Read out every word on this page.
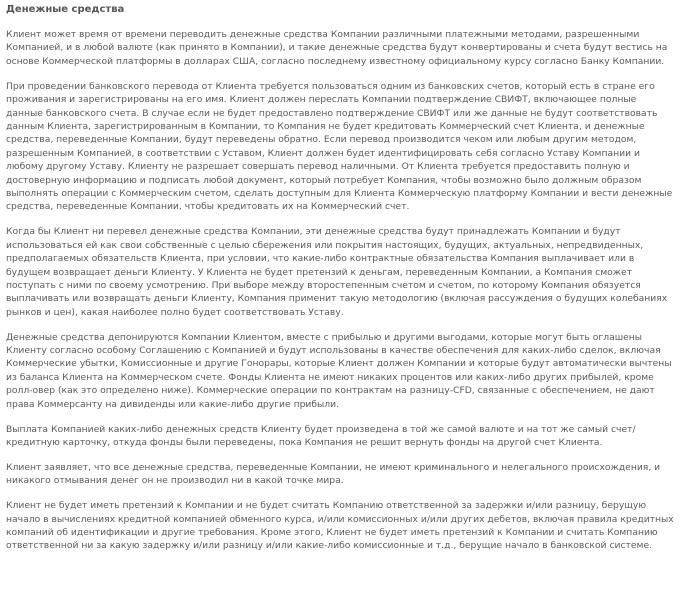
Денежные средства

Клиент может время от времени переводить денежные средства Компании различными платежными методами, разрешенными Компанией, и в любой валюте (как принято в Компании), и такие денежные средства будут конвертированы и счета будут вестись на основе Коммерческой платформы в долларах США, согласно последнему известному официальному курсу согласно Банку Компании.

При проведении банковского перевода от Клиента требуется пользоваться одним из банковских счетов, который есть в стране его проживания и зарегистрированы на его имя. Клиент должен переслать Компании подтверждение СВИФТ, включающее полные данные банковского счета. В случае если не будет предоставлено подтверждение СВИФТ или же данные не будут соответствовать данным Клиента, зарегистрированным в Компании, то Компания не будет кредитовать Коммерческий счет Клиента, и денежные средства, переведенные Компании, будут переведены обратно. Если перевод производится чеком или любым другим методом, разрешенным Компанией, в соответствии с Уставом, Клиент должен будет идентифицировать себя согласно Уставу Компании и любому другому Уставу. Клиенту не разрешает совершать перевод наличными. От Клиента требуется предоставить полную и достоверную информацию и подписать любой документ, который потребует Компания, чтобы возможно было должным образом выполнять операции с Коммерческим счетом, сделать доступным для Клиента Коммерческую платформу Компании и вести денежные средства, переведенные Компании, чтобы кредитовать их на Коммерческий счет.

Когда бы Клиент ни перевел денежные средства Компании, эти денежные средства будут принадлежать Компании и будут использоваться ей как свои собственные с целью сбережения или покрытия настоящих, будущих, актуальных, непредвиденных, предполагаемых обязательств Клиента, при условии, что какие-либо контрактные обязательства Компания выплачивает или в будущем возвращает деньги Клиенту. У Клиента не будет претензий к деньгам, переведенным Компании, а Компания сможет поступать с ними по своему усмотрению. При выборе между второстепенным счетом и счетом, по которому Компания обязуется выплачивать или возвращать деньги Клиенту, Компания применит такую методологию (включая рассуждения о будущих колебаниях рынков и цен), какая наиболее полно будет соответствовать Уставу.

Денежные средства депонируются Компании Клиентом, вместе с прибылью и другими выгодами, которые могут быть оглашены Клиенту согласно особому Соглашению с Компанией и будут использованы в качестве обеспечения для каких-либо сделок, включая Коммерческие убытки, Комиссионные и другие Гонорары, которые Клиент должен Компании и которые будут автоматически вычтены из баланса Клиента на Коммерческом счете. Фонды Клиента не имеют никаких процентов или каких-либо других прибылей, кроме ролл-овер (как это определено ниже). Коммерческие операции по контрактам на разницу-CFD, связанные с обеспечением, не дают права Коммерсанту на дивиденды или какие-либо другие прибыли.

Выплата Компанией каких-либо денежных средств Клиенту будет произведена в той же самой валюте и на тот же самый счет/кредитную карточку, откуда фонды были переведены, пока Компания не решит вернуть фонды на другой счет Клиента.

Клиент заявляет, что все денежные средства, переведенные Компании, не имеют криминального и нелегального происхождения, и никакого отмывания денег он не производил ни в какой точке мира.

Клиент не будет иметь претензий к Компании и не будет считать Компанию ответственной за задержки и/или разницу, берущую начало в вычислениях кредитной компанией обменного курса, и/или комиссионных и/или других дебетов, включая правила кредитных компаний об идентификации и другие требования. Кроме этого, Клиент не будет иметь претензий к Компании и считать Компанию ответственной ни за какую задержку и/или разницу и/или какие-либо комиссионные и т.д., берущие начало в банковской системе.
